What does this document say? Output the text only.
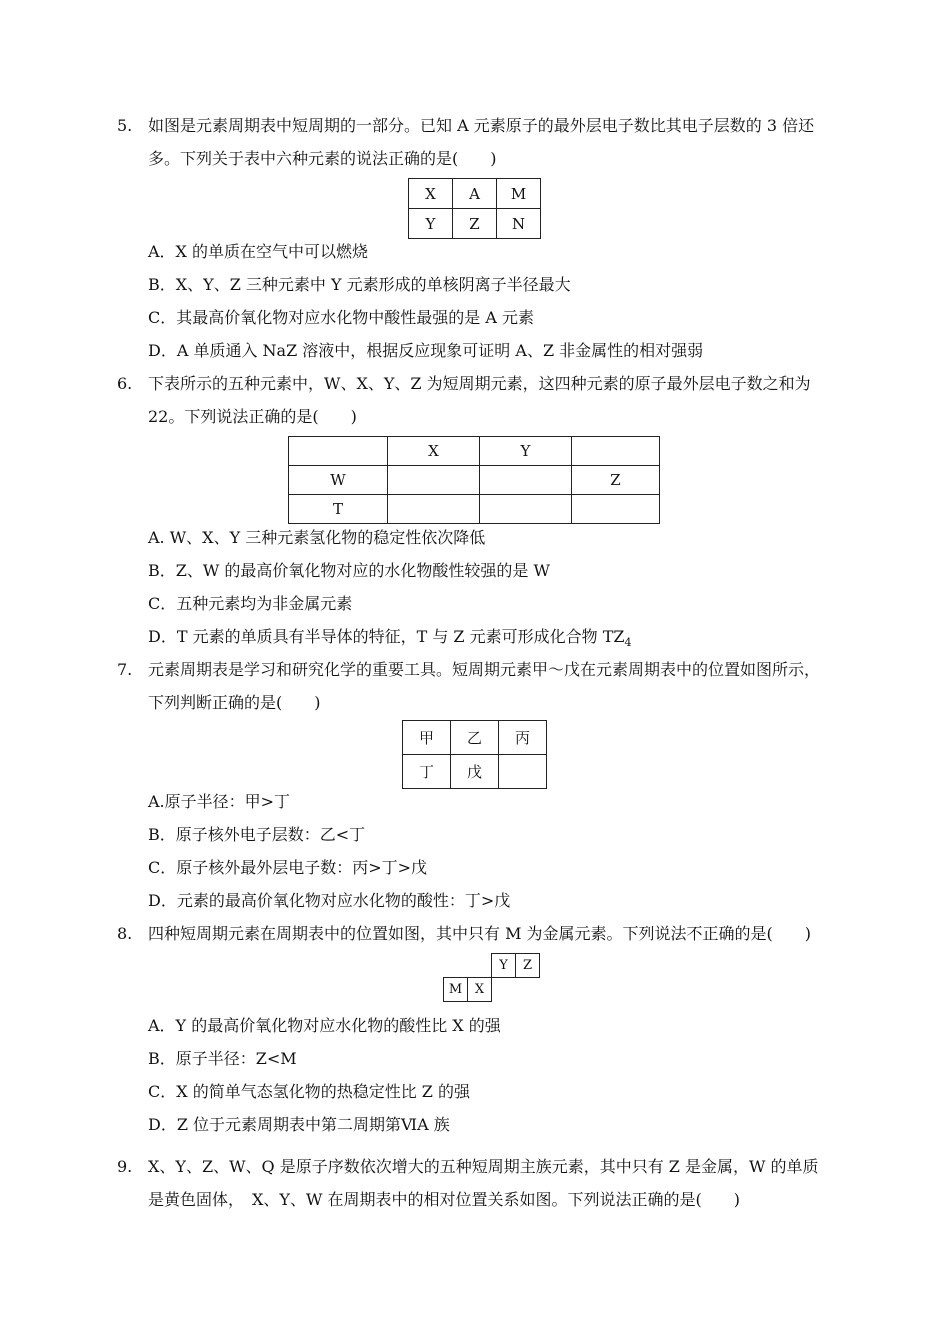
5. 如图是元素周期表中短周期的一部分。已知 A 元素原子的最外层电子数比其电子层数的 3 倍还
多。下列关于表中六种元素的说法正确的是(　　)
X	A	M
Y	Z	N
A．X 的单质在空气中可以燃烧
B．X、Y、Z 三种元素中 Y 元素形成的单核阴离子半径最大
C．其最高价氧化物对应水化物中酸性最强的是 A 元素
D．A 单质通入 NaZ 溶液中，根据反应现象可证明 A、Z 非金属性的相对强弱
6. 下表所示的五种元素中，W、X、Y、Z 为短周期元素，这四种元素的原子最外层电子数之和为
22。下列说法正确的是(　　)
	X	Y	
W			Z
T			
A. W、X、Y 三种元素氢化物的稳定性依次降低
B．Z、W 的最高价氧化物对应的水化物酸性较强的是 W
C．五种元素均为非金属元素
D．T 元素的单质具有半导体的特征，T 与 Z 元素可形成化合物 $TZ_4$
7. 元素周期表是学习和研究化学的重要工具。短周期元素甲～戊在元素周期表中的位置如图所示，
下列判断正确的是(　　)
甲	乙	丙
丁	戊	
A.原子半径：甲>丁
B．原子核外电子层数：乙<丁
C．原子核外最外层电子数：丙>丁>戊
D．元素的最高价氧化物对应水化物的酸性：丁>戊
8. 四种短周期元素在周期表中的位置如图，其中只有 M 为金属元素。下列说法不正确的是(　　)
		Y	Z
M	X		
A．Y 的最高价氧化物对应水化物的酸性比 X 的强
B．原子半径：Z<M
C．X 的简单气态氢化物的热稳定性比 Z 的强
D．Z 位于元素周期表中第二周期第ⅥA 族
9. X、Y、Z、W、Q 是原子序数依次增大的五种短周期主族元素，其中只有 Z 是金属，W 的单质
是黄色固体，　X、Y、W 在周期表中的相对位置关系如图。下列说法正确的是(　　)
